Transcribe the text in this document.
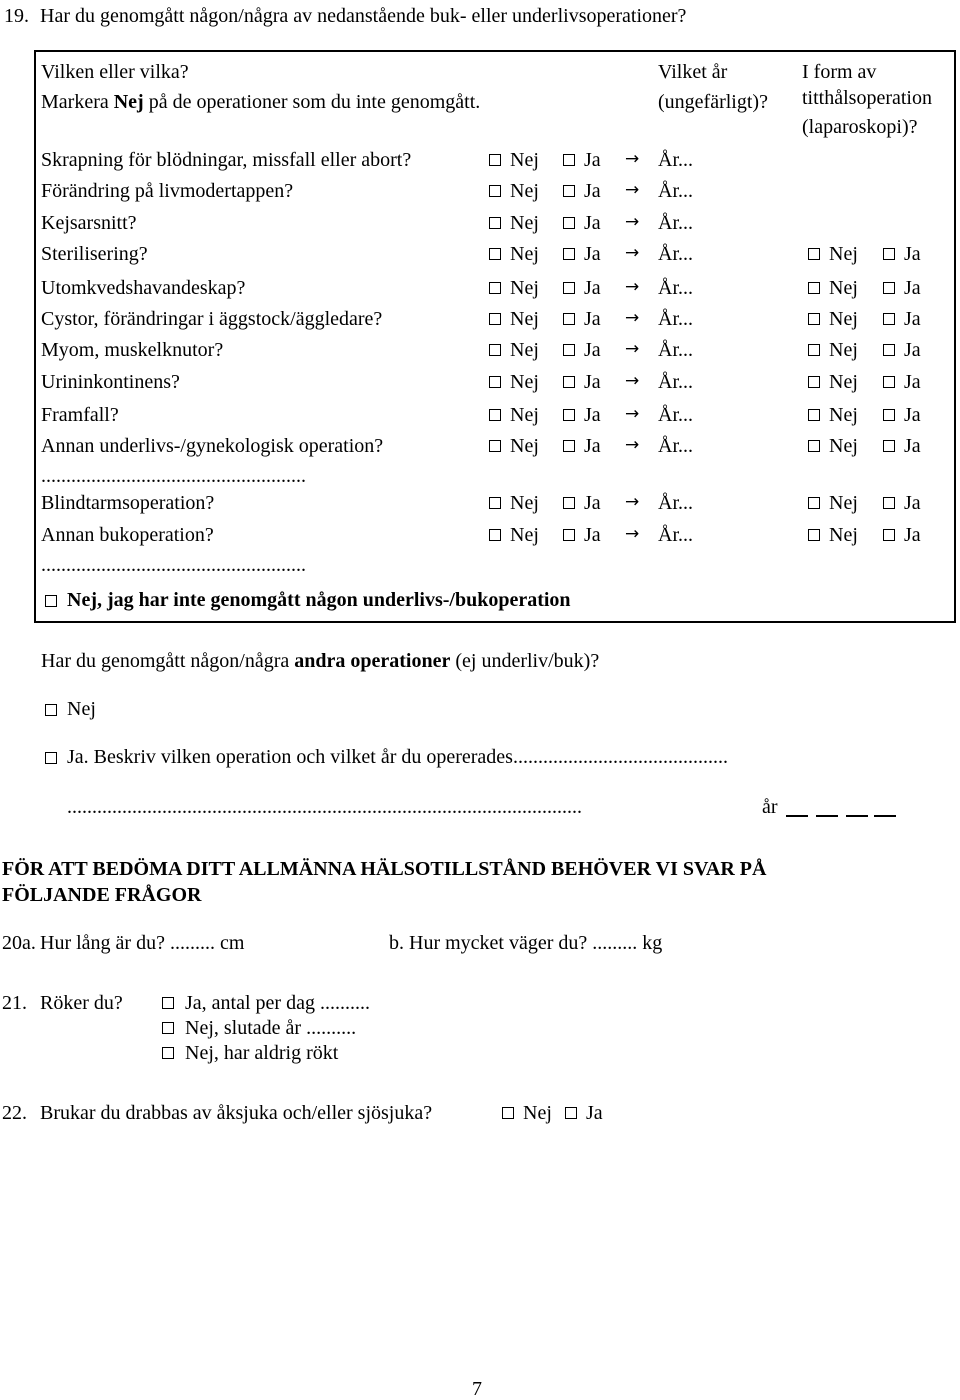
19. Har du genomgått någon/några av nedanstående buk- eller underlivsoperationer?
Vilken eller vilka?
Markera Nej på de operationer som du inte genomgått.
Vilket år
(ungefärligt)?
I form av
titthålsoperation
(laparoskopi)?
Skrapning för blödningar, missfall eller abort?	Nej Ja → År...
Förändring på livmodertappen?	Nej Ja → År...
Kejsarsnitt?	Nej Ja → År...
Sterilisering?	Nej Ja → År...	Nej Ja
Utomkvedshavandeskap?	Nej Ja → År...	Nej Ja
Cystor, förändringar i äggstock/äggledare?	Nej Ja → År...	Nej Ja
Myom, muskelknutor?	Nej Ja → År...	Nej Ja
Urininkontinens?	Nej Ja → År...	Nej Ja
Framfall?	Nej Ja → År...	Nej Ja
Annan underlivs-/gynekologisk operation?	Nej Ja → År...	Nej Ja
Blindtarmsoperation?	Nej Ja → År...	Nej Ja
Annan bukoperation?	Nej Ja → År...	Nej Ja
.....................................................
.....................................................
Nej, jag har inte genomgått någon underlivs-/bukoperation
Har du genomgått någon/några andra operationer (ej underliv/buk)?
Nej
Ja. Beskriv vilken operation och vilket år du opererades...........................................
.......................................................................................................	år
FÖR ATT BEDÖMA DITT ALLMÄNNA HÄLSOTILLSTÅND BEHÖVER VI SVAR PÅ
FÖLJANDE FRÅGOR
20a. Hur lång är du? ......... cm	b. Hur mycket väger du? ......... kg
21. Röker du?	Ja, antal per dag ..........
Nej, slutade år ..........
Nej, har aldrig rökt
22. Brukar du drabbas av åksjuka och/eller sjösjuka?	Nej Ja
7
